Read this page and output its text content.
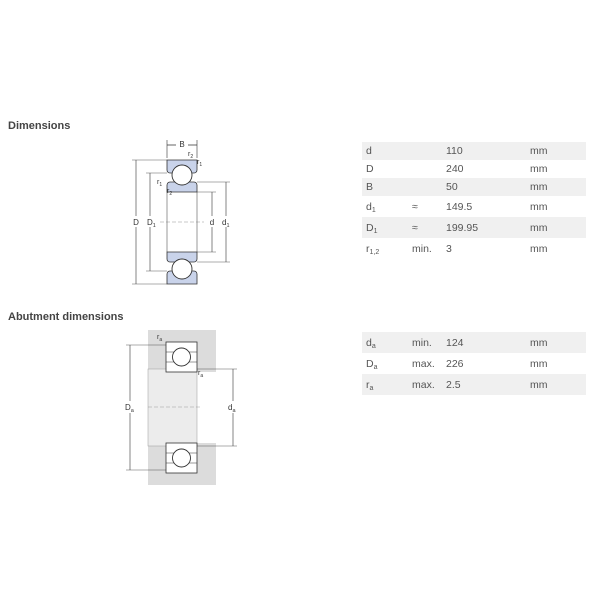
Dimensions
B
D $D_1$	d $d_1$
$r_2$
$r_1$
$r_1$
$r_2$
d		110	mm
D		240	mm
B		50	mm
$d_1$	≈	149.5	mm
$D_1$	≈	199.95	mm
$r_{1,2}$	min.	3	mm
Abutment dimensions
$D_a$	$d_a$
$r_a$
$r_a$
$d_a$	min.	124	mm
$D_a$	max.	226	mm
$r_a$	max.	2.5	mm
